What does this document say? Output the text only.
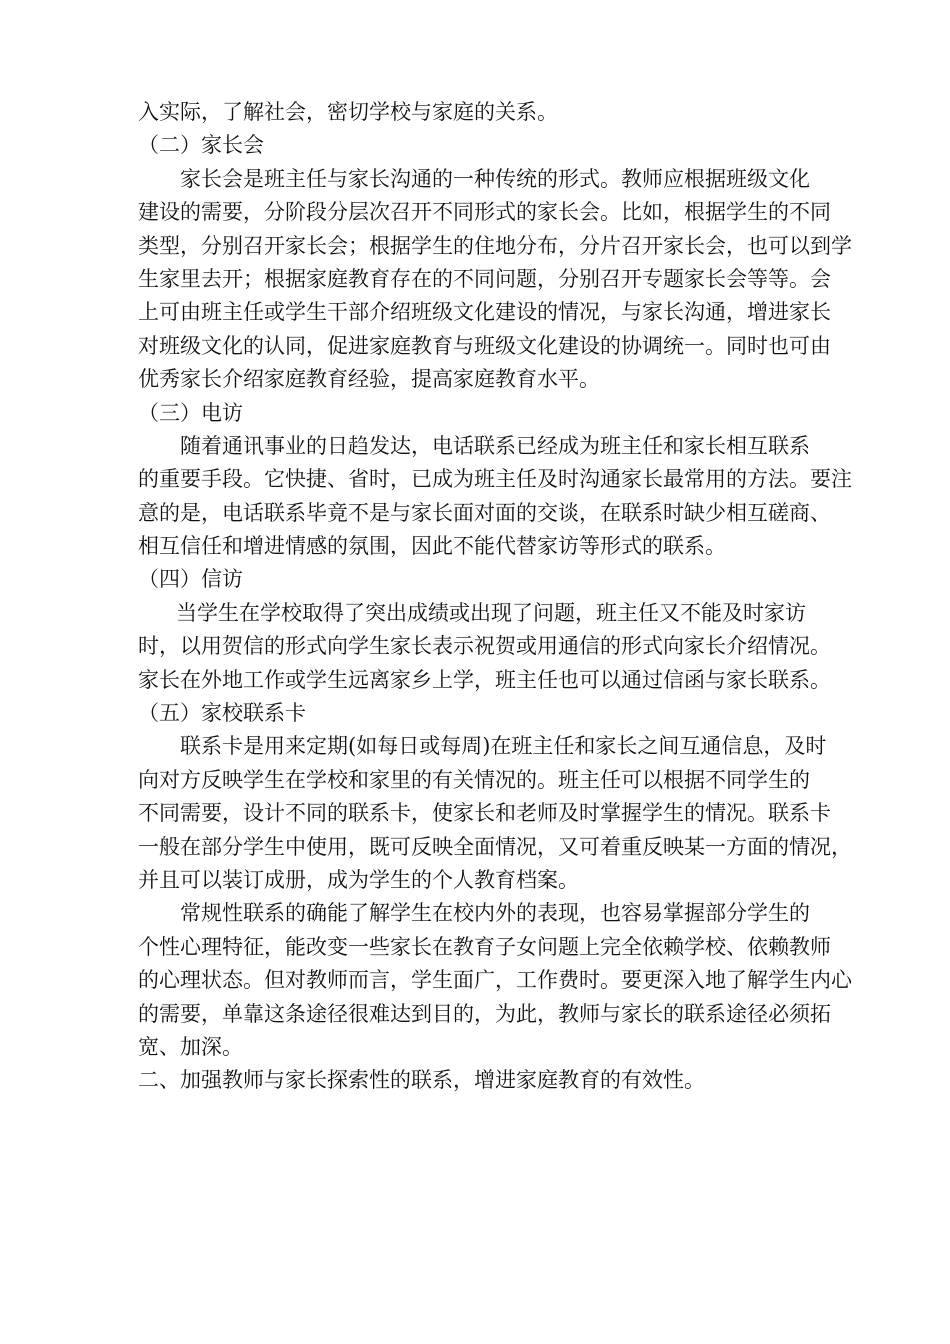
入实际，了解社会，密切学校与家庭的关系。
（二）家长会
家长会是班主任与家长沟通的一种传统的形式。教师应根据班级文化
建设的需要，分阶段分层次召开不同形式的家长会。比如，根据学生的不同
类型，分别召开家长会；根据学生的住地分布，分片召开家长会，也可以到学
生家里去开；根据家庭教育存在的不同问题，分别召开专题家长会等等。会
上可由班主任或学生干部介绍班级文化建设的情况，与家长沟通，增进家长
对班级文化的认同，促进家庭教育与班级文化建设的协调统一。同时也可由
优秀家长介绍家庭教育经验，提高家庭教育水平。
（三）电访
随着通讯事业的日趋发达，电话联系已经成为班主任和家长相互联系
的重要手段。它快捷、省时，已成为班主任及时沟通家长最常用的方法。要注
意的是，电话联系毕竟不是与家长面对面的交谈，在联系时缺少相互磋商、
相互信任和增进情感的氛围，因此不能代替家访等形式的联系。
（四）信访
当学生在学校取得了突出成绩或出现了问题，班主任又不能及时家访
时，以用贺信的形式向学生家长表示祝贺或用通信的形式向家长介绍情况。
家长在外地工作或学生远离家乡上学，班主任也可以通过信函与家长联系。
（五）家校联系卡
联系卡是用来定期(如每日或每周)在班主任和家长之间互通信息，及时
向对方反映学生在学校和家里的有关情况的。班主任可以根据不同学生的
不同需要，设计不同的联系卡，使家长和老师及时掌握学生的情况。联系卡
一般在部分学生中使用，既可反映全面情况，又可着重反映某一方面的情况，
并且可以装订成册，成为学生的个人教育档案。
常规性联系的确能了解学生在校内外的表现，也容易掌握部分学生的
个性心理特征，能改变一些家长在教育子女问题上完全依赖学校、依赖教师
的心理状态。但对教师而言，学生面广，工作费时。要更深入地了解学生内心
的需要，单靠这条途径很难达到目的，为此，教师与家长的联系途径必须拓
宽、加深。
二、加强教师与家长探索性的联系，增进家庭教育的有效性。
